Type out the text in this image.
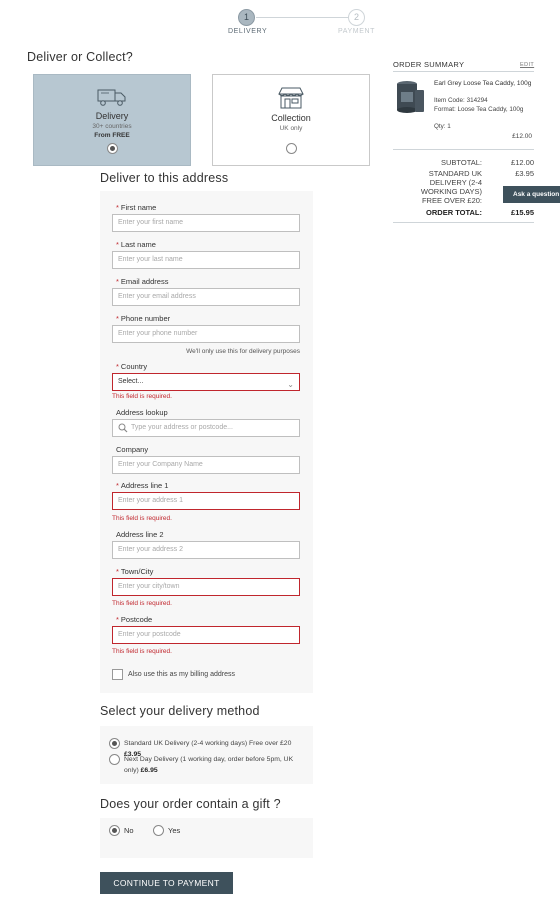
1
DELIVERY
2
PAYMENT
Deliver or Collect?
Delivery
30+ countries
From FREE
Collection
UK only
Deliver to this address
* First name
Enter your first name
* Last name
Enter your last name
* Email address
Enter your email address
* Phone number
Enter your phone number
We'll only use this for delivery purposes
* Country
Select...	⌄
This field is required.
Address lookup
Type your address or postcode...
Company
Enter your Company Name
* Address line 1
Enter your address 1
This field is required.
Address line 2
Enter your address 2
* Town/City
Enter your city/town
This field is required.
* Postcode
Enter your postcode
This field is required.
Also use this as my billing address
Select your delivery method
Standard UK Delivery (2-4 working days) Free over £20 £3.95
Next Day Delivery (1 working day, order before 5pm, UK only) £6.95
Does your order contain a gift ?
No	Yes
CONTINUE TO PAYMENT
ORDER SUMMARY	EDIT
Earl Grey Loose Tea Caddy, 100g
Item Code: 314294
Format: Loose Tea Caddy, 100g
Qty: 1
£12.00
SUBTOTAL:	£12.00
STANDARD UK DELIVERY (2-4 WORKING DAYS) FREE OVER £20:
£3.95
ORDER TOTAL:	£15.95
Ask a question
